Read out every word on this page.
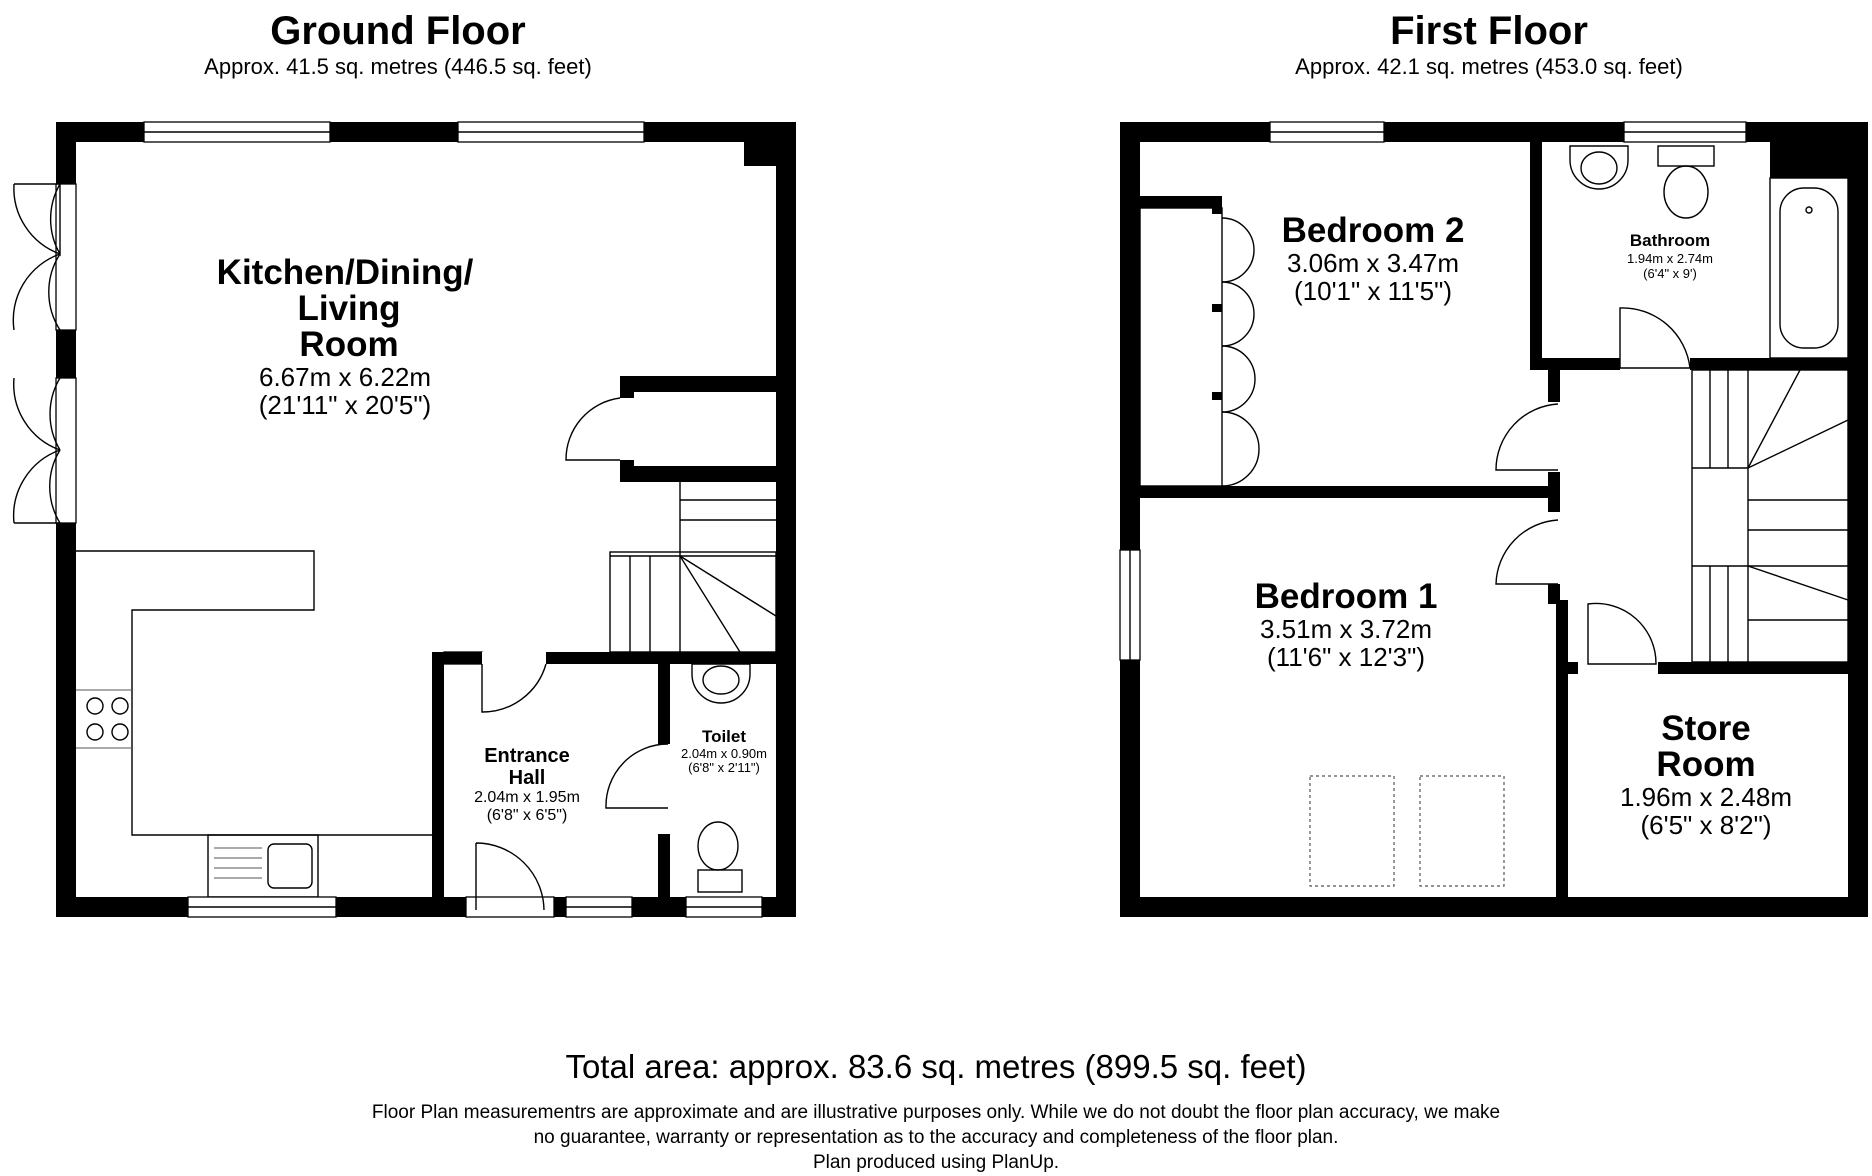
Ground Floor
Approx. 41.5 sq. metres (446.5 sq. feet)
Kitchen/Dining/
Living
Room
6.67m x 6.22m
(21'11" x 20'5")
Entrance
Hall
2.04m x 1.95m
(6'8" x 6'5")
Toilet
2.04m x 0.90m
(6'8" x 2'11")
First Floor
Approx. 42.1 sq. metres (453.0 sq. feet)
Bedroom 2
3.06m x 3.47m
(10'1" x 11'5")
Bathroom
1.94m x 2.74m
(6'4" x 9')
Bedroom 1
3.51m x 3.72m
(11'6" x 12'3")
Store
Room
1.96m x 2.48m
(6'5" x 8'2")
Total area: approx. 83.6 sq. metres (899.5 sq. feet)
Floor Plan measurementrs are approximate and are illustrative purposes only. While we do not doubt the floor plan accuracy, we make
no guarantee, warranty or representation as to the accuracy and completeness of the floor plan.
Plan produced using PlanUp.
